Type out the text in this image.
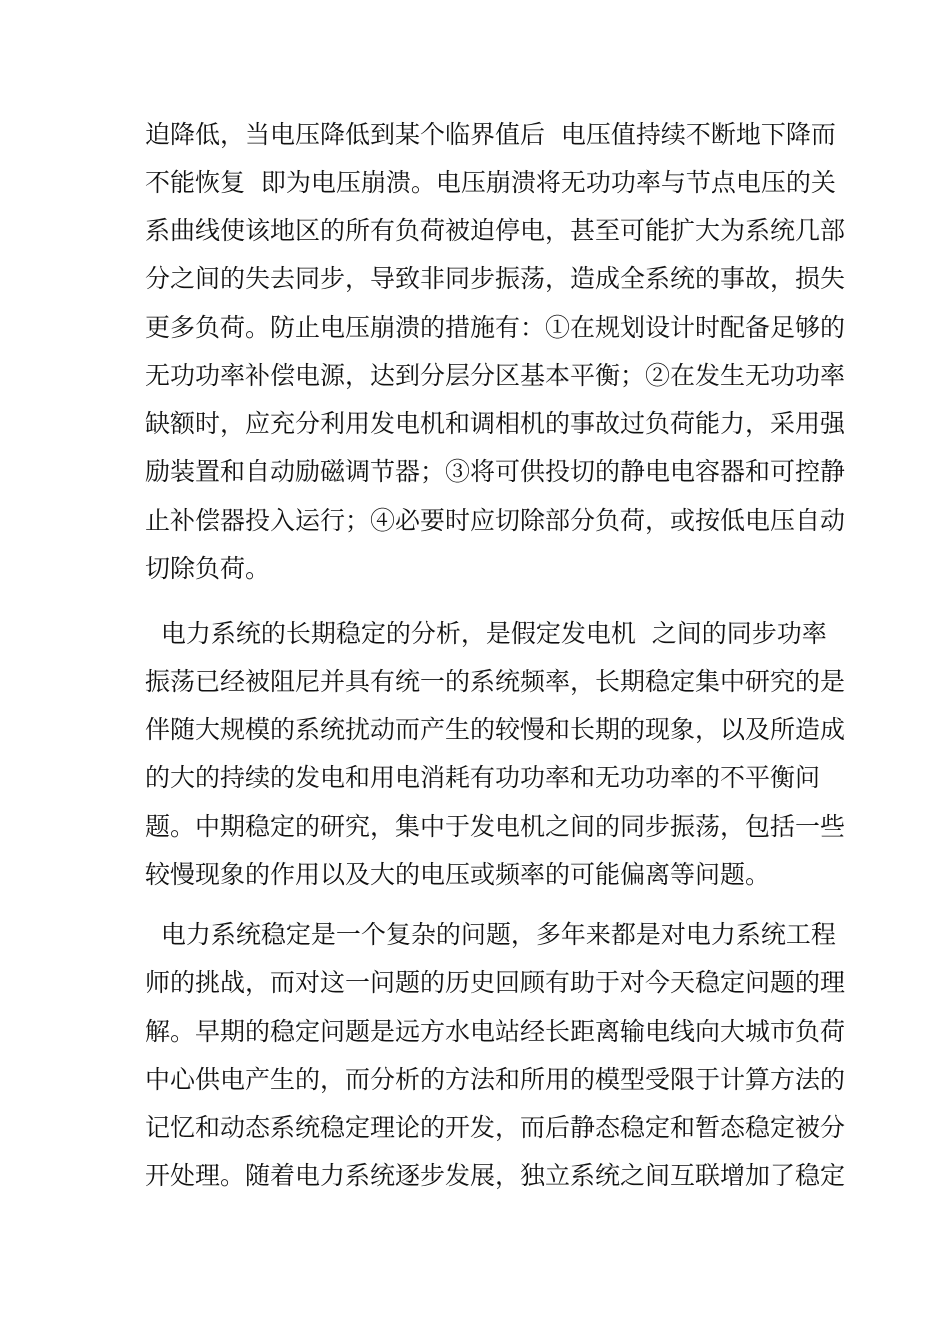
迫降低，当电压降低到某个临界值后  电压值持续不断地下降而
不能恢复  即为电压崩溃。电压崩溃将无功功率与节点电压的关
系曲线使该地区的所有负荷被迫停电，甚至可能扩大为系统几部
分之间的失去同步，导致非同步振荡，造成全系统的事故，损失
更多负荷。防止电压崩溃的措施有：①在规划设计时配备足够的
无功功率补偿电源，达到分层分区基本平衡；②在发生无功功率
缺额时，应充分利用发电机和调相机的事故过负荷能力，采用强
励装置和自动励磁调节器；③将可供投切的静电电容器和可控静
止补偿器投入运行；④必要时应切除部分负荷，或按低电压自动
切除负荷。
电力系统的长期稳定的分析，是假定发电机  之间的同步功率
振荡已经被阻尼并具有统一的系统频率，长期稳定集中研究的是
伴随大规模的系统扰动而产生的较慢和长期的现象，以及所造成
的大的持续的发电和用电消耗有功功率和无功功率的不平衡问
题。中期稳定的研究，集中于发电机之间的同步振荡，包括一些
较慢现象的作用以及大的电压或频率的可能偏离等问题。
电力系统稳定是一个复杂的问题，多年来都是对电力系统工程
师的挑战，而对这一问题的历史回顾有助于对今天稳定问题的理
解。早期的稳定问题是远方水电站经长距离输电线向大城市负荷
中心供电产生的，而分析的方法和所用的模型受限于计算方法的
记忆和动态系统稳定理论的开发，而后静态稳定和暂态稳定被分
开处理。随着电力系统逐步发展，独立系统之间互联增加了稳定
